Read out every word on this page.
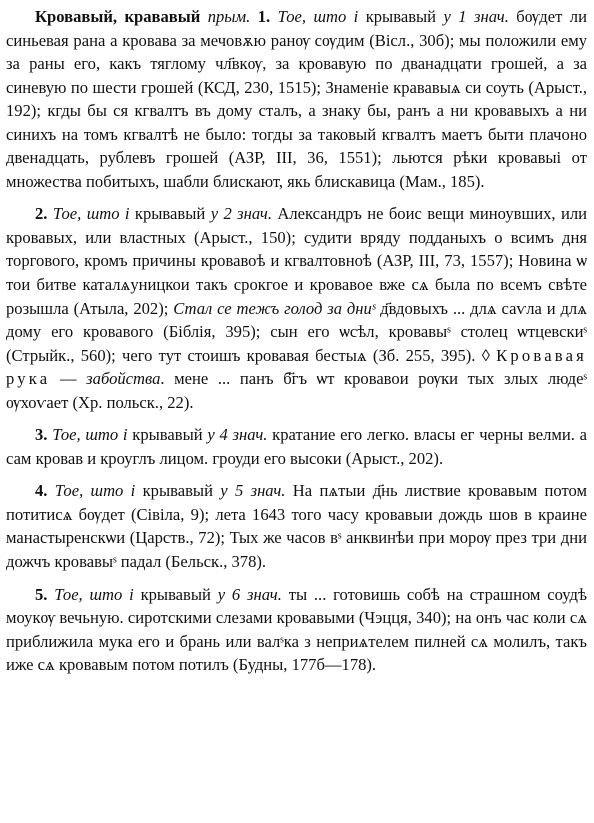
Кровавый, крававый прым. 1. Тое, што і крывавый у 1 знач. бѹдет ли синьевая рана а кровава за мечовѫю ранѹ сѹдим (Вісл., 30б); мы положили ему за раны его, какъ тяглому чл҃вкѹ, за кровавую по дванадцати грошей, а за синевую по шести грошей (КСД, 230, 1515); Знаменіе крававыѧ си соуть (Арыст., 192); кгды бы ся кгвалтъ въ дому сталъ, а знаку бы, ранъ а ни кровавыхъ а ни синихъ на томъ кгвалтѣ не было: тогды за таковый кгвалтъ маетъ быти плачоно двенадцать, рублевъ грошей (АЗР, III, 36, 1551); льются рѣки кровавыі от множества побитыхъ, шабли блискают, якь блискавица (Мам., 185).

2. Тое, што і крывавый у 2 знач. Александръ не боис вещи миноувших, или кровавых, или властных (Арыст., 150); судити вряду подданыхъ о всимъ дня торгового, кромъ причины кровавоѣ и кгвалтовноѣ (АЗР, III, 73, 1557); Новина ѡ тои битве каталѧуницкои такъ срокгое и кровавое вже сѧ была по всемъ свѣте розышла (Атыла, 202); Стал се тежъ голод за дниˢ д҃вдовыхъ ... длѧ саѵла и длѧ дому его кровавого (Біблія, 395); сын его ѡсѣл, кровавыˢ столец ѡтцевскиˢ (Стрыйк., 560); чего тут стоишъ кровавая бестыѧ (Зб. 255, 395). ◊ Кровавая рука — забойства. мене ... панъ б҃гъ ѡт кровавои рѹки тых злых людеˢ ѹхоѵает (Хр. польск., 22).

3. Тое, што і крывавый у 4 знач. кратание его легко. власы ег черны велми. а сам кровав и кроуглъ лицом. гроуди его высоки (Арыст., 202).

4. Тое, што і крывавый у 5 знач. На пѧтыи д҃нь листвие кровавым потом потитисѧ бѹдет (Сівіла, 9); лета 1643 того часу кровавыи дождь шов в краине манастыренскѡи (Царств., 72); Тых же часов вˢ анквинѣи при морѹ през три дни дожчъ кровавыˢ падал (Бельск., 378).

5. Тое, што і крывавый у 6 знач. ты ... готовишь собѣ на страшном соудѣ моукѹ вечьную. сиротскими слезами кровавыми (Чэцця, 340); на онъ час коли сѧ приближила мука его и брань или валˢка з неприѧтелем пилней сѧ молилъ, такъ иже сѧ кровавым потом потилъ (Будны, 177б—178).
